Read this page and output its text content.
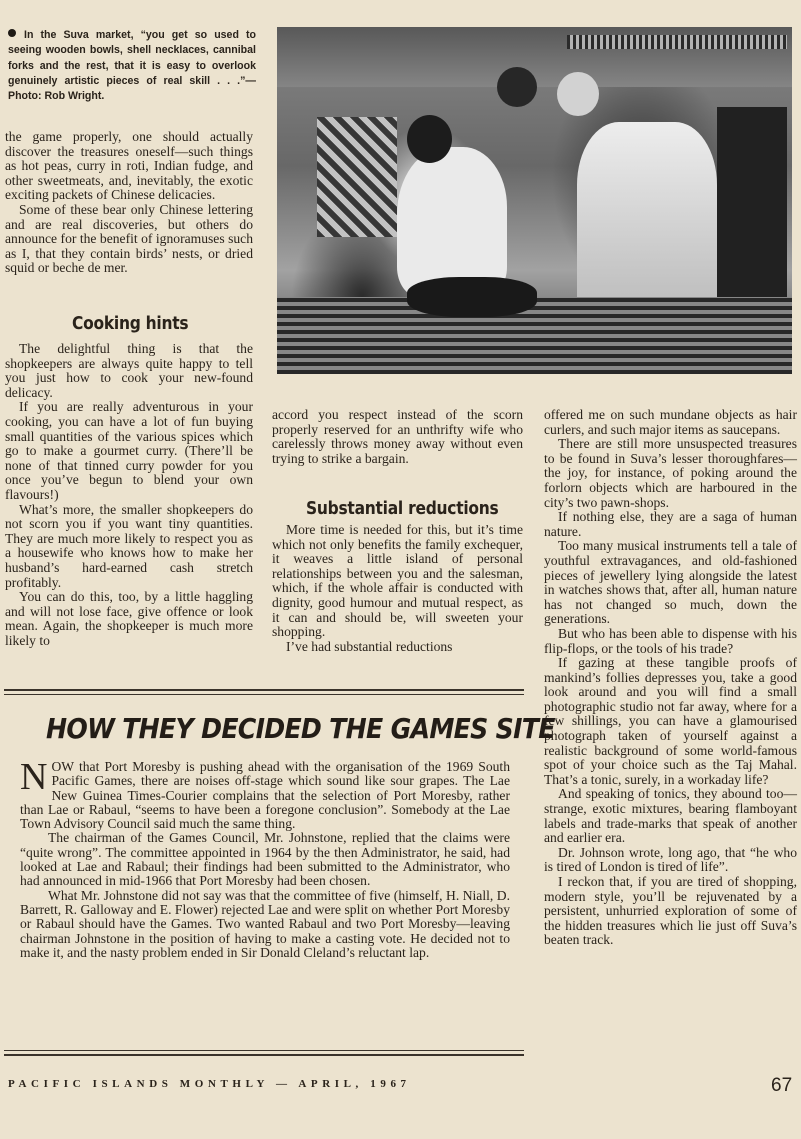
In the Suva market, “you get so used to seeing wooden bowls, shell necklaces, cannibal forks and the rest, that it is easy to overlook genuinely artistic pieces of real skill . . .”—Photo: Rob Wright.

the game properly, one should actually discover the treasures oneself—such things as hot peas, curry in roti, Indian fudge, and other sweetmeats, and, inevitably, the exotic exciting packets of Chinese delicacies.

Some of these bear only Chinese lettering and are real discoveries, but others do announce for the benefit of ignoramuses such as I, that they contain birds’ nests, or dried squid or beche de mer.

Cooking hints

The delightful thing is that the shopkeepers are always quite happy to tell you just how to cook your new-found delicacy.

If you are really adventurous in your cooking, you can have a lot of fun buying small quantities of the various spices which go to make a gourmet curry. (There’ll be none of that tinned curry powder for you once you’ve begun to blend your own flavours!)

What’s more, the smaller shopkeepers do not scorn you if you want tiny quantities. They are much more likely to respect you as a housewife who knows how to make her husband’s hard-earned cash stretch profitably.

You can do this, too, by a little haggling and will not lose face, give offence or look mean. Again, the shopkeeper is much more likely to

accord you respect instead of the scorn properly reserved for an unthrifty wife who carelessly throws money away without even trying to strike a bargain.

Substantial reductions

More time is needed for this, but it’s time which not only benefits the family exchequer, it weaves a little island of personal relationships between you and the salesman, which, if the whole affair is conducted with dignity, good humour and mutual respect, as it can and should be, will sweeten your shopping.

I’ve had substantial reductions

offered me on such mundane objects as hair curlers, and such major items as saucepans.

There are still more unsuspected treasures to be found in Suva’s lesser thoroughfares—the joy, for instance, of poking around the forlorn objects which are harboured in the city’s two pawn-shops.

If nothing else, they are a saga of human nature.

Too many musical instruments tell a tale of youthful extravagances, and old-fashioned pieces of jewellery lying alongside the latest in watches shows that, after all, human nature has not changed so much, down the generations.

But who has been able to dispense with his flip-flops, or the tools of his trade?

If gazing at these tangible proofs of mankind’s follies depresses you, take a good look around and you will find a small photographic studio not far away, where for a few shillings, you can have a glamourised photograph taken of yourself against a realistic background of some world-famous spot of your choice such as the Taj Mahal. That’s a tonic, surely, in a workaday life?

And speaking of tonics, they abound too—strange, exotic mixtures, bearing flamboyant labels and trade-marks that speak of another and earlier era.

Dr. Johnson wrote, long ago, that “he who is tired of London is tired of life”.

I reckon that, if you are tired of shopping, modern style, you’ll be rejuvenated by a persistent, unhurried exploration of some of the hidden treasures which lie just off Suva’s beaten track.

HOW THEY DECIDED THE GAMES SITE

NOW that Port Moresby is pushing ahead with the organisation of the 1969 South Pacific Games, there are noises off-stage which sound like sour grapes. The Lae New Guinea Times-Courier complains that the selection of Port Moresby, rather than Lae or Rabaul, “seems to have been a foregone conclusion”. Somebody at the Lae Town Advisory Council said much the same thing.

The chairman of the Games Council, Mr. Johnstone, replied that the claims were “quite wrong”. The committee appointed in 1964 by the then Administrator, he said, had looked at Lae and Rabaul; their findings had been submitted to the Administrator, who had announced in mid-1966 that Port Moresby had been chosen.

What Mr. Johnstone did not say was that the committee of five (himself, H. Niall, D. Barrett, R. Galloway and E. Flower) rejected Lae and were split on whether Port Moresby or Rabaul should have the Games. Two wanted Rabaul and two Port Moresby—leaving chairman Johnstone in the position of having to make a casting vote. He decided not to make it, and the nasty problem ended in Sir Donald Cleland’s reluctant lap.

PACIFIC ISLANDS MONTHLY — APRIL, 1967	67
